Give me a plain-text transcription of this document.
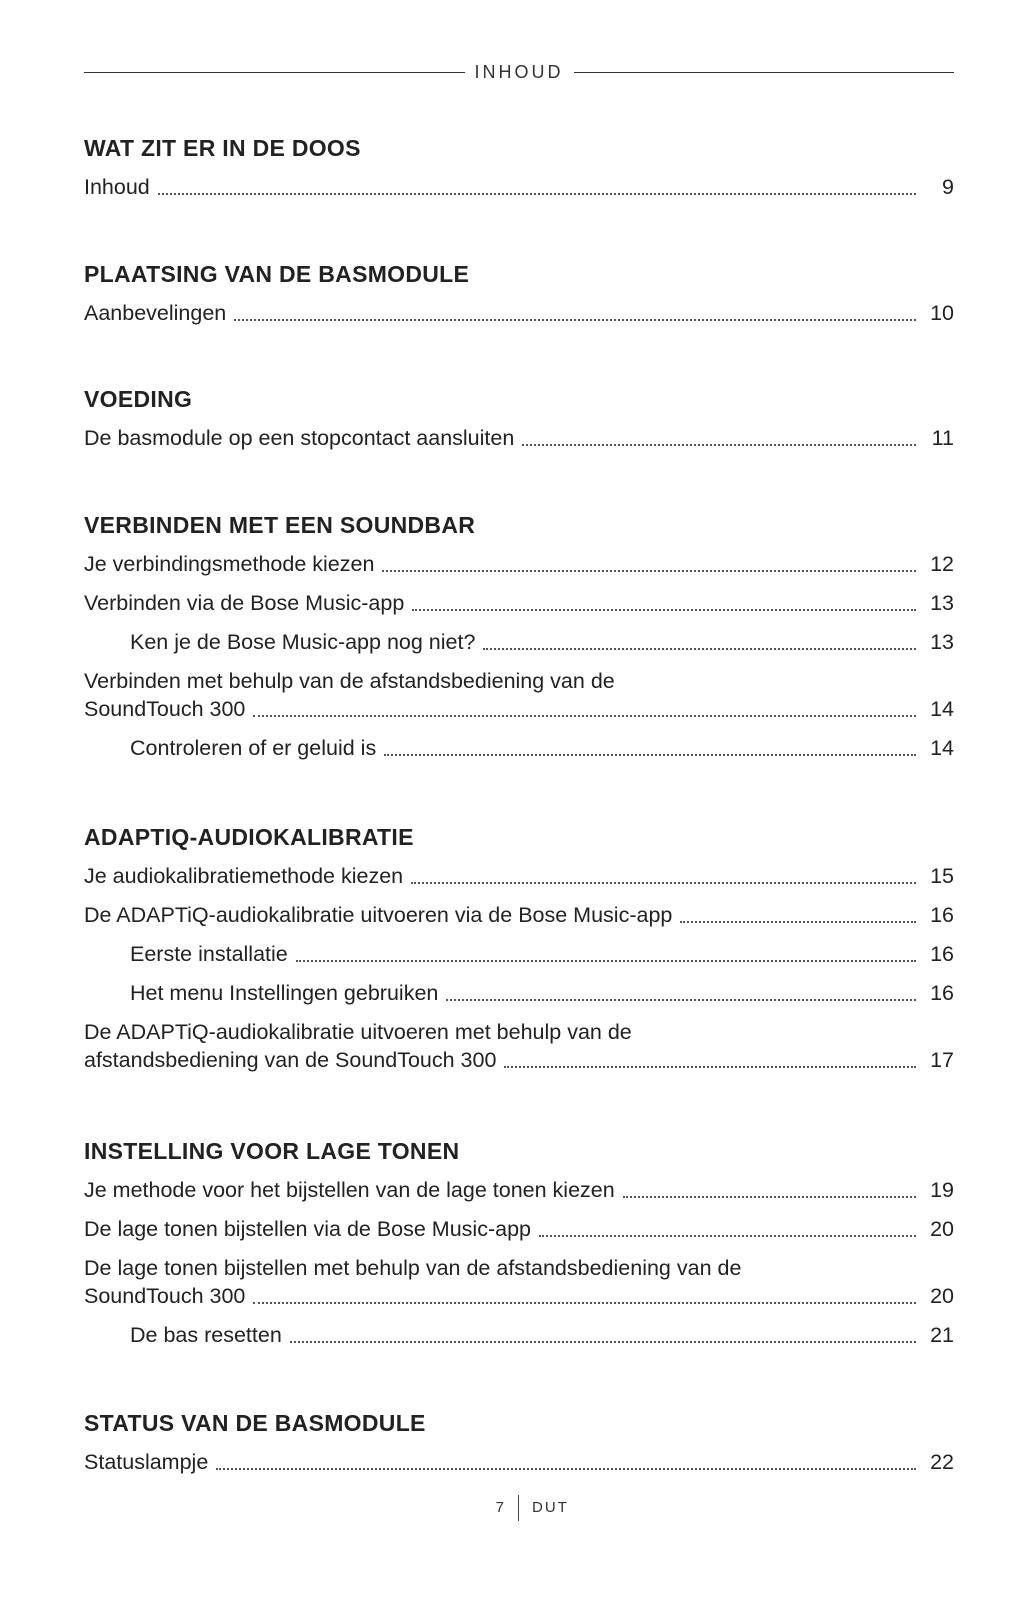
INHOUD
WAT ZIT ER IN DE DOOS
Inhoud	9
PLAATSING VAN DE BASMODULE
Aanbevelingen	10
VOEDING
De basmodule op een stopcontact aansluiten	11
VERBINDEN MET EEN SOUNDBAR
Je verbindingsmethode kiezen	12
Verbinden via de Bose Music-app	13
Ken je de Bose Music-app nog niet?	13
Verbinden met behulp van de afstandsbediening van de
SoundTouch 300	14
Controleren of er geluid is	14
ADAPTIQ-AUDIOKALIBRATIE
Je audiokalibratiemethode kiezen	15
De ADAPTiQ-audiokalibratie uitvoeren via de Bose Music-app	16
Eerste installatie	16
Het menu Instellingen gebruiken	16
De ADAPTiQ-audiokalibratie uitvoeren met behulp van de
afstandsbediening van de SoundTouch 300	17
INSTELLING VOOR LAGE TONEN
Je methode voor het bijstellen van de lage tonen kiezen	19
De lage tonen bijstellen via de Bose Music-app	20
De lage tonen bijstellen met behulp van de afstandsbediening van de
SoundTouch 300	20
De bas resetten	21
STATUS VAN DE BASMODULE
Statuslampje	22
7 DUT
